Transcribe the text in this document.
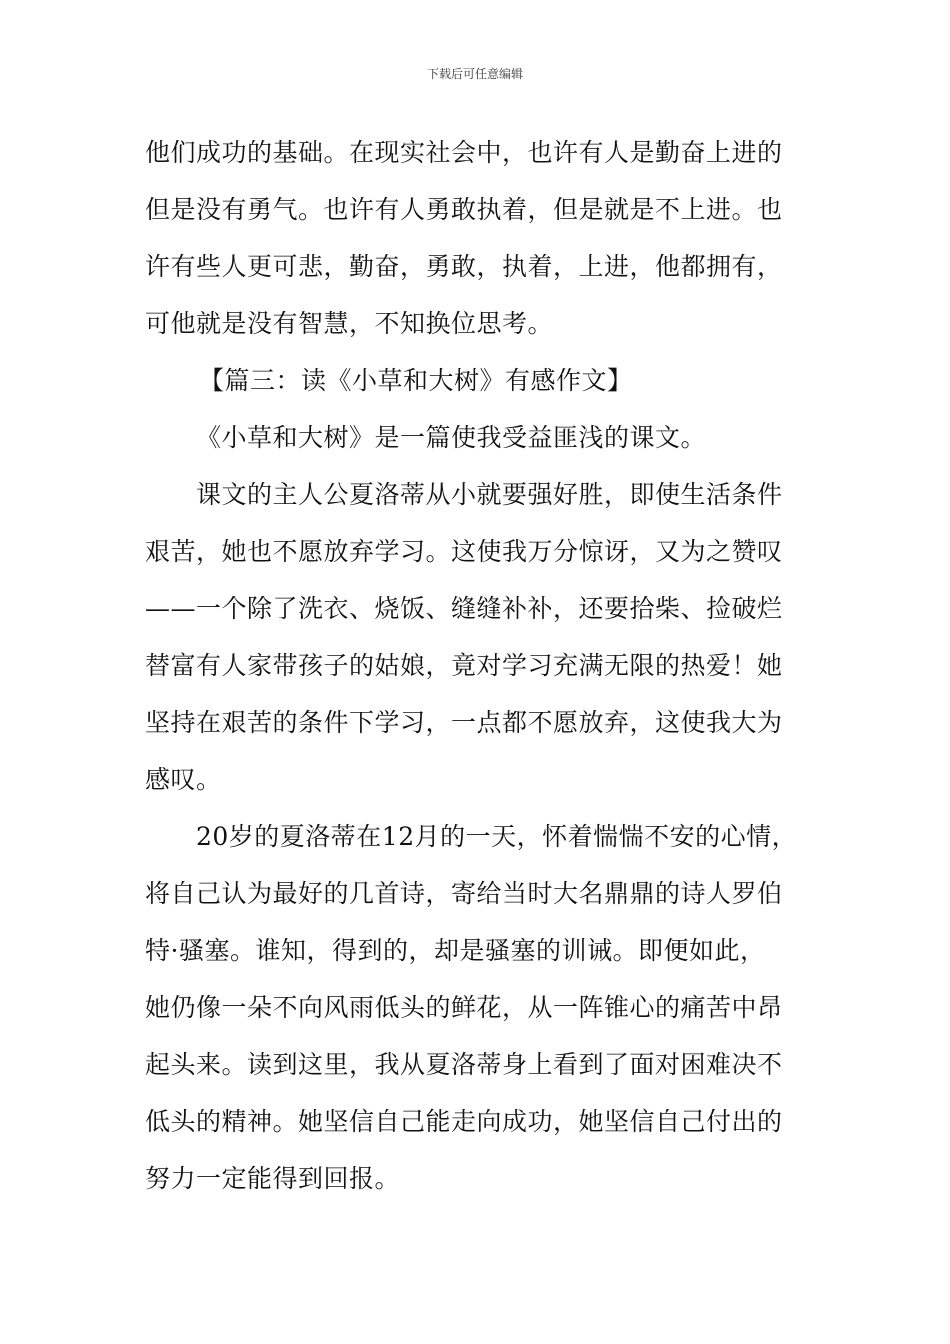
下载后可任意编辑
他们成功的基础。在现实社会中，也许有人是勤奋上进的
但是没有勇气。也许有人勇敢执着，但是就是不上进。也
许有些人更可悲，勤奋，勇敢，执着，上进，他都拥有，
可他就是没有智慧，不知换位思考。
【篇三：读《小草和大树》有感作文】
《小草和大树》是一篇使我受益匪浅的课文。
课文的主人公夏洛蒂从小就要强好胜，即使生活条件
艰苦，她也不愿放弃学习。这使我万分惊讶，又为之赞叹
——一个除了洗衣、烧饭、缝缝补补，还要拾柴、捡破烂
替富有人家带孩子的姑娘，竟对学习充满无限的热爱！她
坚持在艰苦的条件下学习，一点都不愿放弃，这使我大为
感叹。
20岁的夏洛蒂在12月的一天，怀着惴惴不安的心情，
将自己认为最好的几首诗，寄给当时大名鼎鼎的诗人罗伯
特·骚塞。谁知，得到的，却是骚塞的训诫。即便如此，
她仍像一朵不向风雨低头的鲜花，从一阵锥心的痛苦中昂
起头来。读到这里，我从夏洛蒂身上看到了面对困难决不
低头的精神。她坚信自己能走向成功，她坚信自己付出的
努力一定能得到回报。
